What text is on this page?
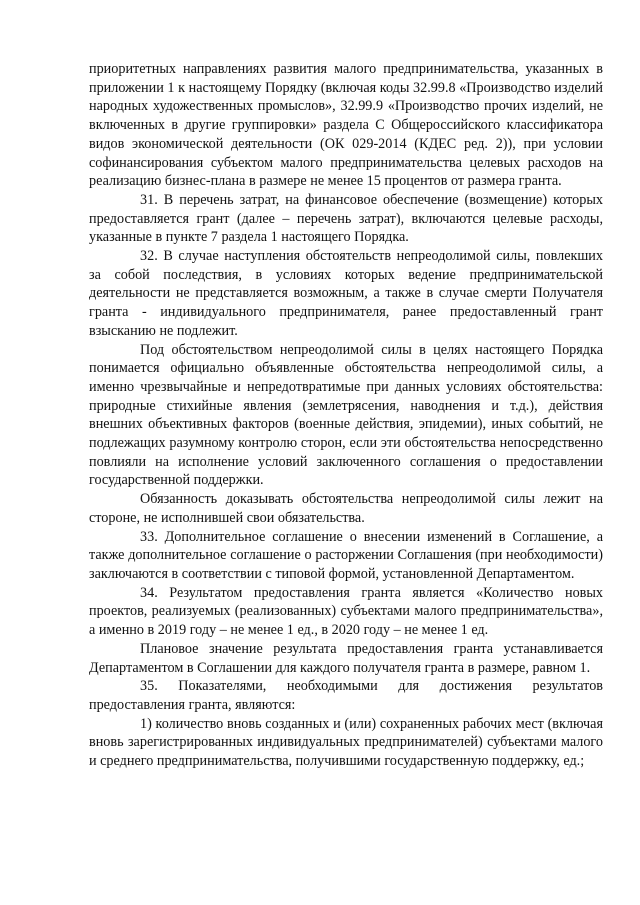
приоритетных направлениях развития малого предпринимательства, указанных в приложении 1 к настоящему Порядку (включая коды 32.99.8 «Производство изделий народных художественных промыслов», 32.99.9 «Производство прочих изделий, не включенных в другие группировки» раздела С Общероссийского классификатора видов экономической деятельности (ОК 029-2014 (КДЕС ред. 2)), при условии софинансирования субъектом малого предпринимательства целевых расходов на реализацию бизнес-плана в размере не менее 15 процентов от размера гранта.

31. В перечень затрат, на финансовое обеспечение (возмещение) которых предоставляется грант (далее – перечень затрат), включаются целевые расходы, указанные в пункте 7 раздела 1 настоящего Порядка.

32. В случае наступления обстоятельств непреодолимой силы, повлекших за собой последствия, в условиях которых ведение предпринимательской деятельности не представляется возможным, а также в случае смерти Получателя гранта - индивидуального предпринимателя, ранее предоставленный грант взысканию не подлежит.

Под обстоятельством непреодолимой силы в целях настоящего Порядка понимается официально объявленные обстоятельства непреодолимой силы, а именно чрезвычайные и непредотвратимые при данных условиях обстоятельства: природные стихийные явления (землетрясения, наводнения и т.д.), действия внешних объективных факторов (военные действия, эпидемии), иных событий, не подлежащих разумному контролю сторон, если эти обстоятельства непосредственно повлияли на исполнение условий заключенного соглашения о предоставлении государственной поддержки.

Обязанность доказывать обстоятельства непреодолимой силы лежит на стороне, не исполнившей свои обязательства.

33. Дополнительное соглашение о внесении изменений в Соглашение, а также дополнительное соглашение о расторжении Соглашения (при необходимости) заключаются в соответствии с типовой формой, установленной Департаментом.

34. Результатом предоставления гранта является «Количество новых проектов, реализуемых (реализованных) субъектами малого предпринимательства», а именно в 2019 году – не менее 1 ед., в 2020 году – не менее 1 ед.

Плановое значение результата предоставления гранта устанавливается Департаментом в Соглашении для каждого получателя гранта в размере, равном 1.

35. Показателями, необходимыми для достижения результатов предоставления гранта, являются:

1) количество вновь созданных и (или) сохраненных рабочих мест (включая вновь зарегистрированных индивидуальных предпринимателей) субъектами малого и среднего предпринимательства, получившими государственную поддержку, ед.;
